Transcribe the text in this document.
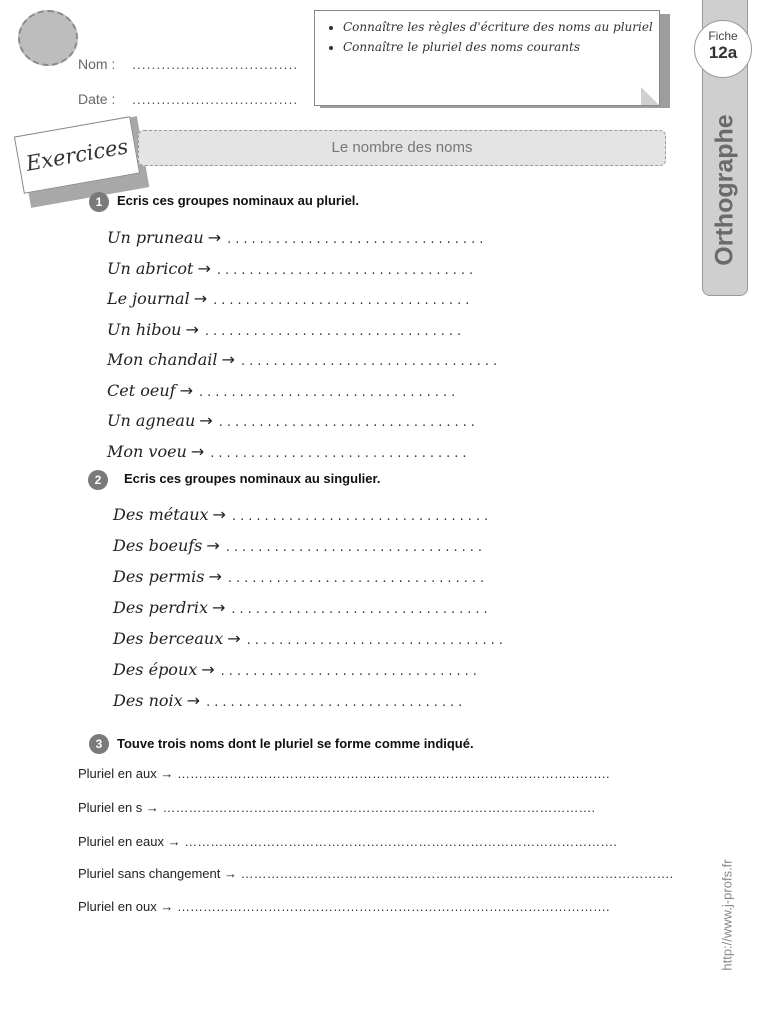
Nom : ..................................
Date : ..................................
• Connaître les règles d'écriture des noms au pluriel
• Connaître le pluriel des noms courants
Fiche
12a
Orthographe
Exercices	Le nombre des noms
1	Ecris ces groupes nominaux au pluriel.
Un pruneau → ................................
Un abricot → ................................
Le journal → ................................
Un hibou → ................................
Mon chandail → ................................
Cet oeuf → ................................
Un agneau → ................................
Mon voeu → ................................
2	Ecris ces groupes nominaux au singulier.
Des métaux → ................................
Des boeufs → ................................
Des permis → ................................
Des perdrix → ................................
Des berceaux → ................................
Des époux → ................................
Des noix → ................................
3	Touve trois noms dont le pluriel se forme comme indiqué.
Pluriel en aux → ……………………………………………………………………………………….
Pluriel en s → ……………………………………………………………………………………….
Pluriel en eaux → ……………………………………………………………………………………….
Pluriel sans changement → ……………………………………………………………………………………….
Pluriel en oux → ……………………………………………………………………………………….	http://www.j-profs.fr
